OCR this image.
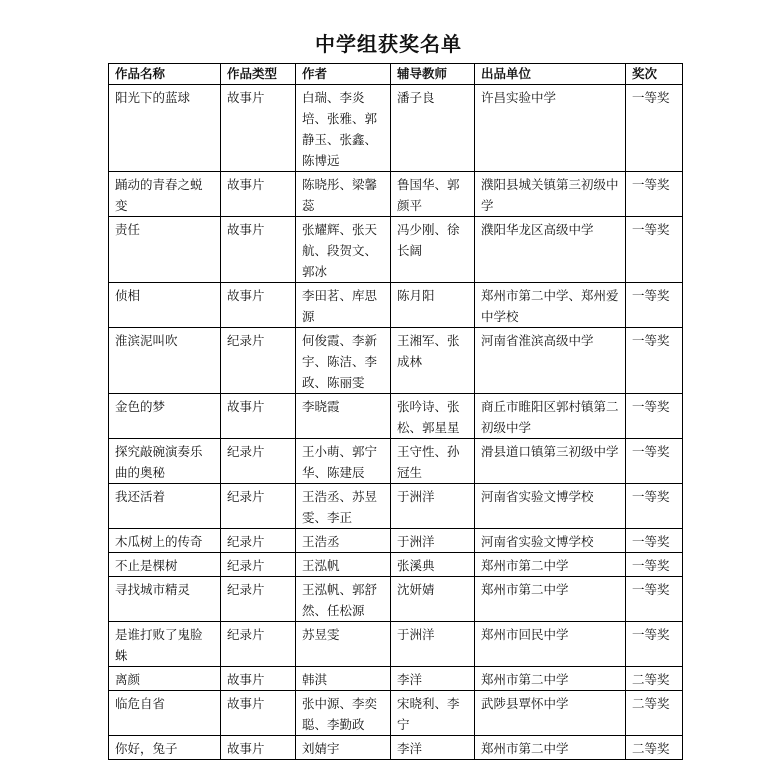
中学组获奖名单
作品名称	作品类型	作者	辅导教师	出品单位	奖次
阳光下的蓝球	故事片	白瑞、李炎培、张雅、郭静玉、张鑫、陈博远	潘子良	许昌实验中学	一等奖
踊动的青春之蜕变	故事片	陈晓彤、梁馨蕊	鲁国华、郭颜平	濮阳县城关镇第三初级中学	一等奖
责任	故事片	张耀辉、张天航、段贺文、郭冰	冯少刚、徐长阔	濮阳华龙区高级中学	一等奖
侦相	故事片	李田茗、库思源	陈月阳	郑州市第二中学、郑州爱中学校	一等奖
淮滨泥叫吹	纪录片	何俊霞、李新宇、陈洁、李政、陈丽雯	王湘军、张成林	河南省淮滨高级中学	一等奖
金色的梦	故事片	李晓霞	张吟诗、张松、郭星星	商丘市睢阳区郭村镇第二初级中学	一等奖
探究敲碗演奏乐曲的奥秘	纪录片	王小萌、郭宁华、陈建辰	王守性、孙冠生	滑县道口镇第三初级中学	一等奖
我还活着	纪录片	王浩丞、苏昱雯、李正	于洲洋	河南省实验文博学校	一等奖
木瓜树上的传奇	纪录片	王浩丞	于洲洋	河南省实验文博学校	一等奖
不止是棵树	纪录片	王泓帆	张溪典	郑州市第二中学	一等奖
寻找城市精灵	纪录片	王泓帆、郭舒然、任松源	沈妍婧	郑州市第二中学	一等奖
是谁打败了鬼脸蛛	纪录片	苏昱雯	于洲洋	郑州市回民中学	一等奖
离颜	故事片	韩淇	李洋	郑州市第二中学	二等奖
临危自省	故事片	张中源、李奕聪、李勤政	宋晓利、李宁	武陟县覃怀中学	二等奖
你好，兔子	故事片	刘婧宇	李洋	郑州市第二中学	二等奖
